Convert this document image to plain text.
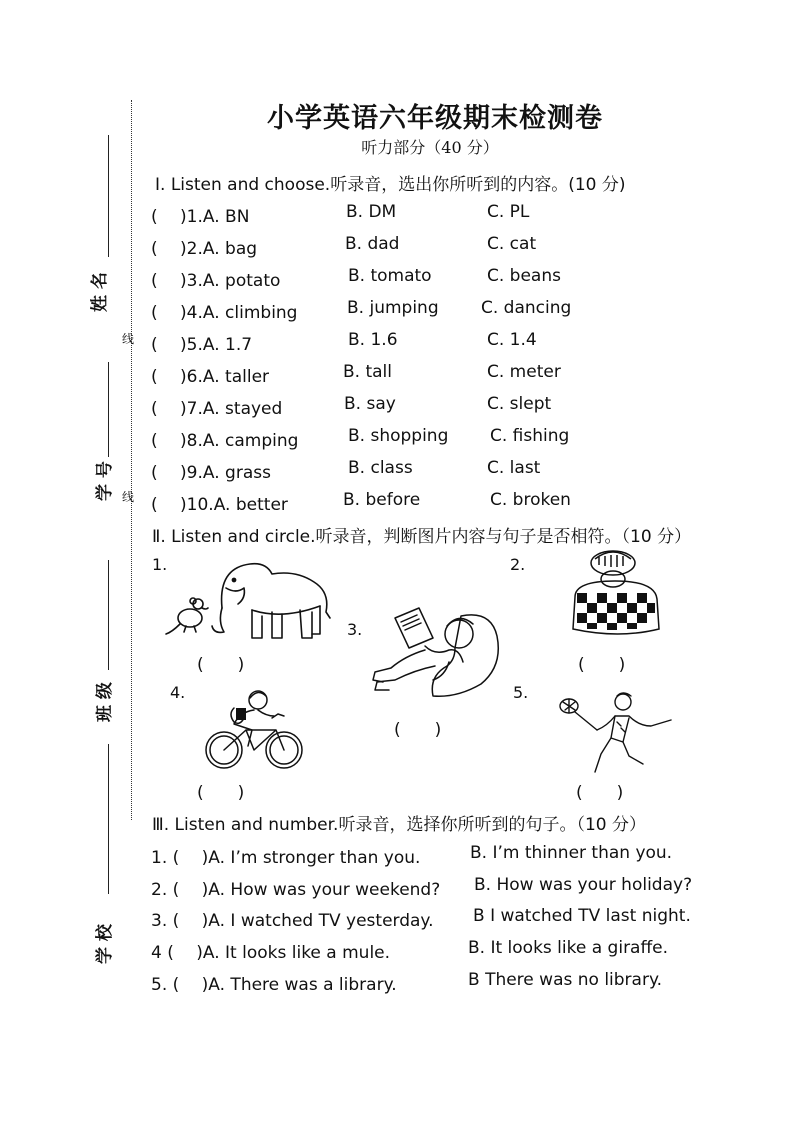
线
线
姓 名
学 号
班 级
学 校
小学英语六年级期末检测卷
听力部分（40 分）
Ⅰ. Listen and choose.听录音，选出你所听到的内容。(10 分)
(　 )1.A. BN	B. DM	C. PL
(　 )2.A. bag	B. dad	C. cat
(　 )3.A. potato	B. tomato	C. beans
(　 )4.A. climbing	B. jumping C. dancing
(　 )5.A. 1.7	B. 1.6	C. 1.4
(　 )6.A. taller	B. tall	C. meter
(　 )7.A. stayed	B. say	C. slept
(　 )8.A. camping	B. shopping C. fishing
(　 )9.A. grass	B. class	C. last
(　 )10.A. better	B. before	C. broken
Ⅱ. Listen and circle.听录音，判断图片内容与句子是否相符。（10 分）
1.	2.
3.
4.	5.
(　　)	(　　)
(　　)
(　　)	(　　)
Ⅲ. Listen and number.听录音，选择你所听到的句子。（10 分）
1. (　 )A. I’m stronger than you.	B. I’m thinner than you.
2. (　 )A. How was your weekend? B. How was your holiday?
3. (　 )A. I watched TV yesterday. B I watched TV last night.
4 (　 )A. It looks like a mule.	B. It looks like a giraffe.
5. (　 )A. There was a library.	B There was no library.
